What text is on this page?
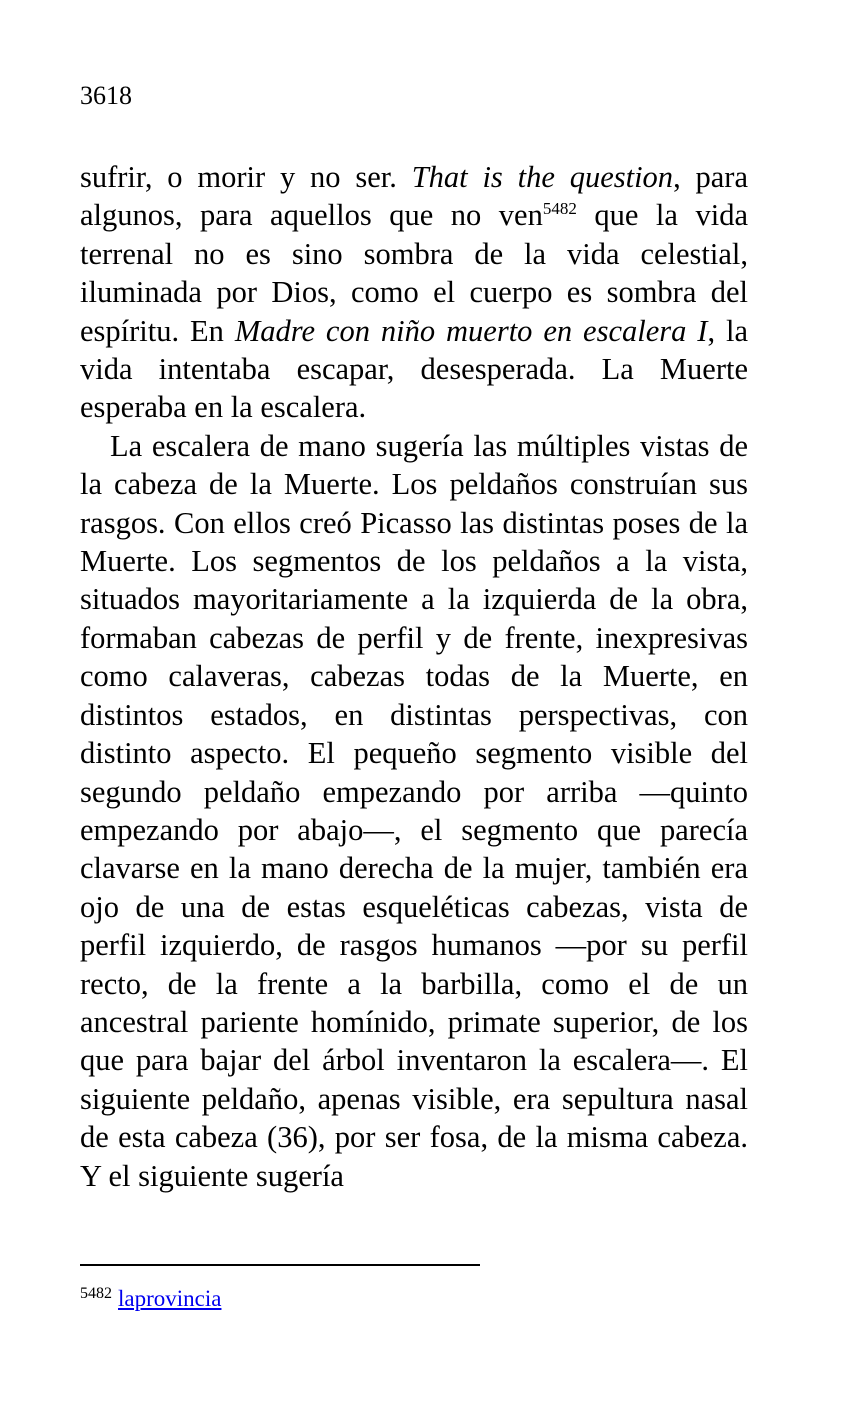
3618

sufrir, o morir y no ser. That is the question, para algunos, para aquellos que no ven$^{5482}$ que la vida terrenal no es sino sombra de la vida celestial, iluminada por Dios, como el cuerpo es sombra del espíritu. En Madre con niño muerto en escalera I, la vida intentaba escapar, desesperada. La Muerte esperaba en la escalera.

La escalera de mano sugería las múltiples vistas de la cabeza de la Muerte. Los peldaños construían sus rasgos. Con ellos creó Picasso las distintas poses de la Muerte. Los segmentos de los peldaños a la vista, situados mayoritariamente a la izquierda de la obra, formaban cabezas de perfil y de frente, inexpresivas como calaveras, cabezas todas de la Muerte, en distintos estados, en distintas perspectivas, con distinto aspecto. El pequeño segmento visible del segundo peldaño empezando por arriba —quinto empezando por abajo—, el segmento que parecía clavarse en la mano derecha de la mujer, también era ojo de una de estas esqueléticas cabezas, vista de perfil izquierdo, de rasgos humanos —por su perfil recto, de la frente a la barbilla, como el de un ancestral pariente homínido, primate superior, de los que para bajar del árbol inventaron la escalera—. El siguiente peldaño, apenas visible, era sepultura nasal de esta cabeza (36), por ser fosa, de la misma cabeza. Y el siguiente sugería

$^{5482}$ laprovincia
